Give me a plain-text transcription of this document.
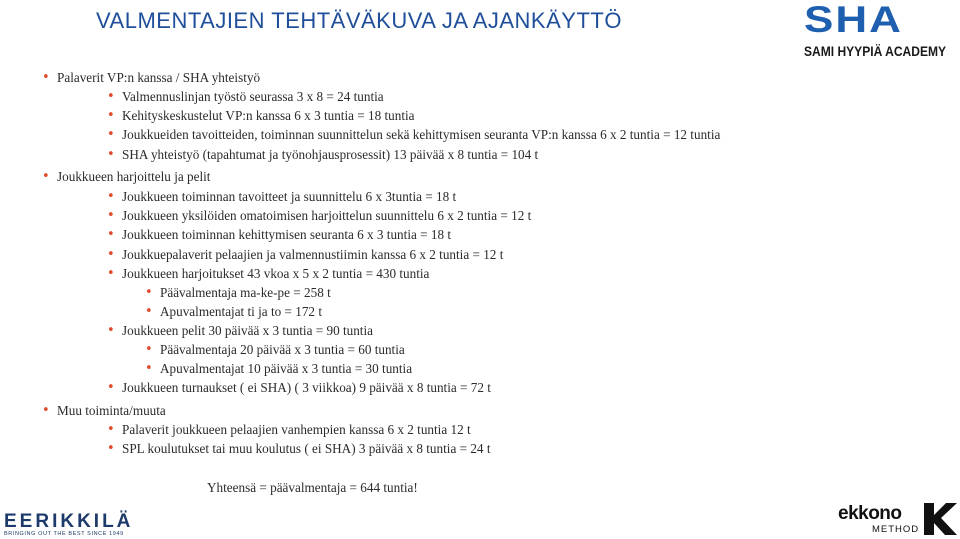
VALMENTAJIEN TEHTÄVÄKUVA JA AJANKÄYTTÖ	SHA
SAMI HYYPIÄ ACADEMY
• Palaverit VP:n kanssa / SHA yhteistyö
• Valmennuslinjan työstö seurassa 3 x 8 = 24 tuntia
• Kehityskeskustelut VP:n kanssa 6 x 3 tuntia = 18 tuntia
• Joukkueiden tavoitteiden, toiminnan suunnittelun sekä kehittymisen seuranta VP:n kanssa 6 x 2 tuntia = 12 tuntia
• SHA yhteistyö (tapahtumat ja työnohjausprosessit) 13 päivää x 8 tuntia = 104 t
• Joukkueen harjoittelu ja pelit
• Joukkueen toiminnan tavoitteet ja suunnittelu 6 x 3tuntia = 18 t
• Joukkueen yksilöiden omatoimisen harjoittelun suunnittelu 6 x 2 tuntia = 12 t
• Joukkueen toiminnan kehittymisen seuranta 6 x 3 tuntia = 18 t
• Joukkuepalaverit pelaajien ja valmennustiimin kanssa 6 x 2 tuntia = 12 t
• Joukkueen harjoitukset 43 vkoa x 5 x 2 tuntia = 430 tuntia
• Päävalmentaja ma-ke-pe = 258 t
• Apuvalmentajat ti ja to = 172 t
• Joukkueen pelit 30 päivää x 3 tuntia = 90 tuntia
• Päävalmentaja 20 päivää x 3 tuntia = 60 tuntia
• Apuvalmentajat 10 päivää x 3 tuntia = 30 tuntia
• Joukkueen turnaukset ( ei SHA) ( 3 viikkoa) 9 päivää x 8 tuntia = 72 t
• Muu toiminta/muuta
• Palaverit joukkueen pelaajien vanhempien kanssa 6 x 2 tuntia 12 t
• SPL koulutukset tai muu koulutus ( ei SHA) 3 päivää x 8 tuntia = 24 t
Yhteensä = päävalmentaja = 644 tuntia!
EERIKKILÄ
BRINGING OUT THE BEST SINCE 1949
ekkono
METHOD
